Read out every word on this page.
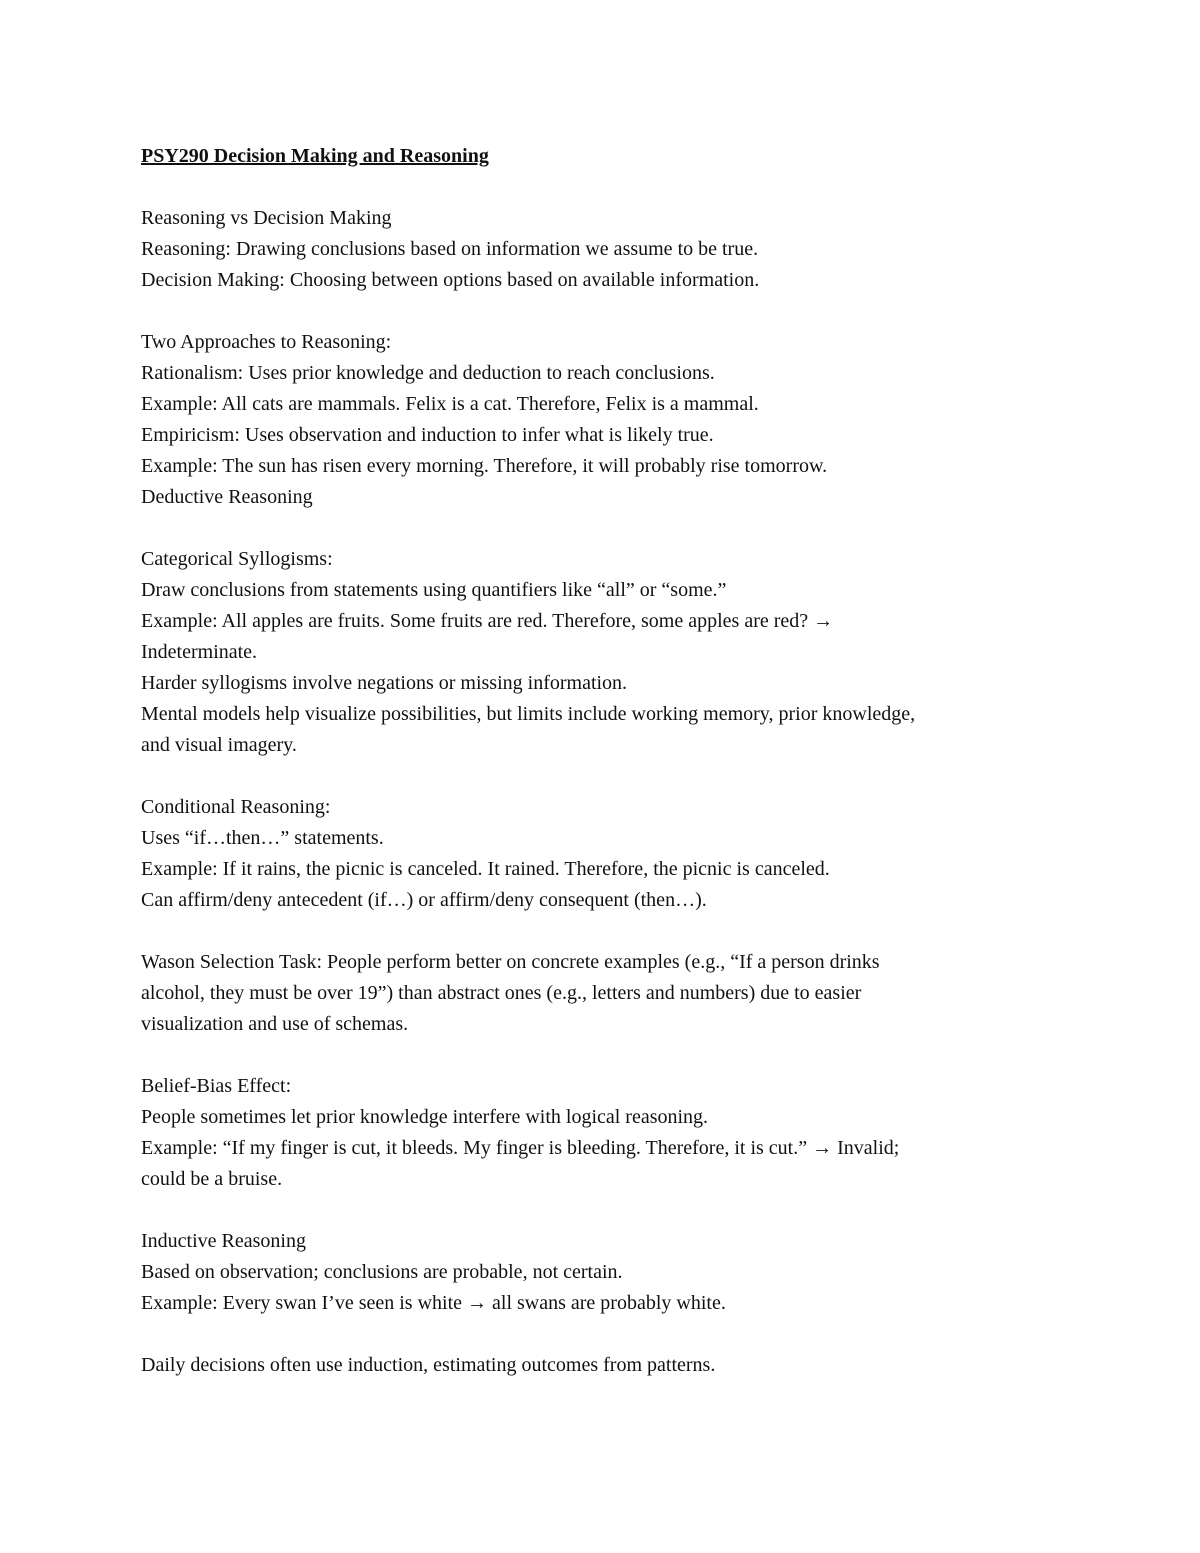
PSY290 Decision Making and Reasoning
Reasoning vs Decision Making
Reasoning: Drawing conclusions based on information we assume to be true.
Decision Making: Choosing between options based on available information.
Two Approaches to Reasoning:
Rationalism: Uses prior knowledge and deduction to reach conclusions.
Example: All cats are mammals. Felix is a cat. Therefore, Felix is a mammal.
Empiricism: Uses observation and induction to infer what is likely true.
Example: The sun has risen every morning. Therefore, it will probably rise tomorrow.
Deductive Reasoning
Categorical Syllogisms:
Draw conclusions from statements using quantifiers like “all” or “some.”
Example: All apples are fruits. Some fruits are red. Therefore, some apples are red? →
Indeterminate.
Harder syllogisms involve negations or missing information.
Mental models help visualize possibilities, but limits include working memory, prior knowledge,
and visual imagery.
Conditional Reasoning:
Uses “if…then…” statements.
Example: If it rains, the picnic is canceled. It rained. Therefore, the picnic is canceled.
Can affirm/deny antecedent (if…) or affirm/deny consequent (then…).
Wason Selection Task: People perform better on concrete examples (e.g., “If a person drinks
alcohol, they must be over 19”) than abstract ones (e.g., letters and numbers) due to easier
visualization and use of schemas.
Belief-Bias Effect:
People sometimes let prior knowledge interfere with logical reasoning.
Example: “If my finger is cut, it bleeds. My finger is bleeding. Therefore, it is cut.” → Invalid;
could be a bruise.
Inductive Reasoning
Based on observation; conclusions are probable, not certain.
Example: Every swan I’ve seen is white → all swans are probably white.
Daily decisions often use induction, estimating outcomes from patterns.
